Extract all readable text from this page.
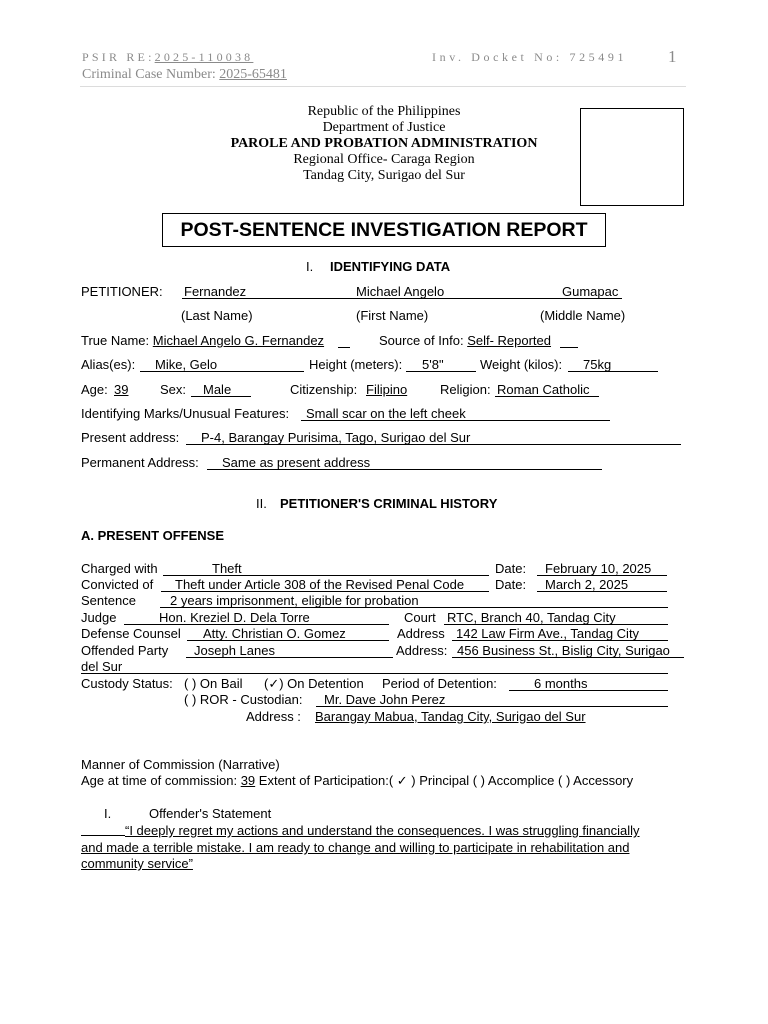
PSIR RE:2025-110038	Inv. Docket No: 725491 1
Criminal Case Number: 2025-65481
Republic of the Philippines
Department of Justice
PAROLE AND PROBATION ADMINISTRATION
Regional Office- Caraga Region
Tandag City, Surigao del Sur
POST-SENTENCE INVESTIGATION REPORT
I. IDENTIFYING DATA
PETITIONER: Fernandez	Michael Angelo	Gumapac
(Last Name)	(First Name)	(Middle Name)
True Name: Michael Angelo G. Fernandez	Source of Info: Self- Reported
Alias(es): Mike, Gelo	Height (meters): 5'8"	Weight (kilos): 75kg
Age: 39 Sex: Male	Citizenship: Filipino	Religion: Roman Catholic
Identifying Marks/Unusual Features: Small scar on the left cheek
Present address: P-4, Barangay Purisima, Tago, Surigao del Sur
Permanent Address: Same as present address
II. PETITIONER'S CRIMINAL HISTORY
A. PRESENT OFFENSE
Charged with	Theft	Date: February 10, 2025
Convicted of Theft under Article 308 of the Revised Penal Code Date: March 2, 2025
Sentence	2 years imprisonment, eligible for probation
Judge	Hon. Kreziel D. Dela Torre	Court RTC, Branch 40, Tandag City
Defense Counsel Atty. Christian O. Gomez	Address 142 Law Firm Ave., Tandag City
Offended Party Joseph Lanes	Address: 456 Business St., Bislig City, Surigao
del Sur
Custody Status: ( ) On Bail (✓) On Detention Period of Detention:	6 months
( ) ROR - Custodian: Mr. Dave John Perez
Address : Barangay Mabua, Tandag City, Surigao del Sur
Manner of Commission (Narrative)
Age at time of commission: 39 Extent of Participation:( ✓ ) Principal ( ) Accomplice ( ) Accessory
I.	Offender's Statement
“I deeply regret my actions and understand the consequences. I was struggling financially
and made a terrible mistake. I am ready to change and willing to participate in rehabilitation and
community service”
